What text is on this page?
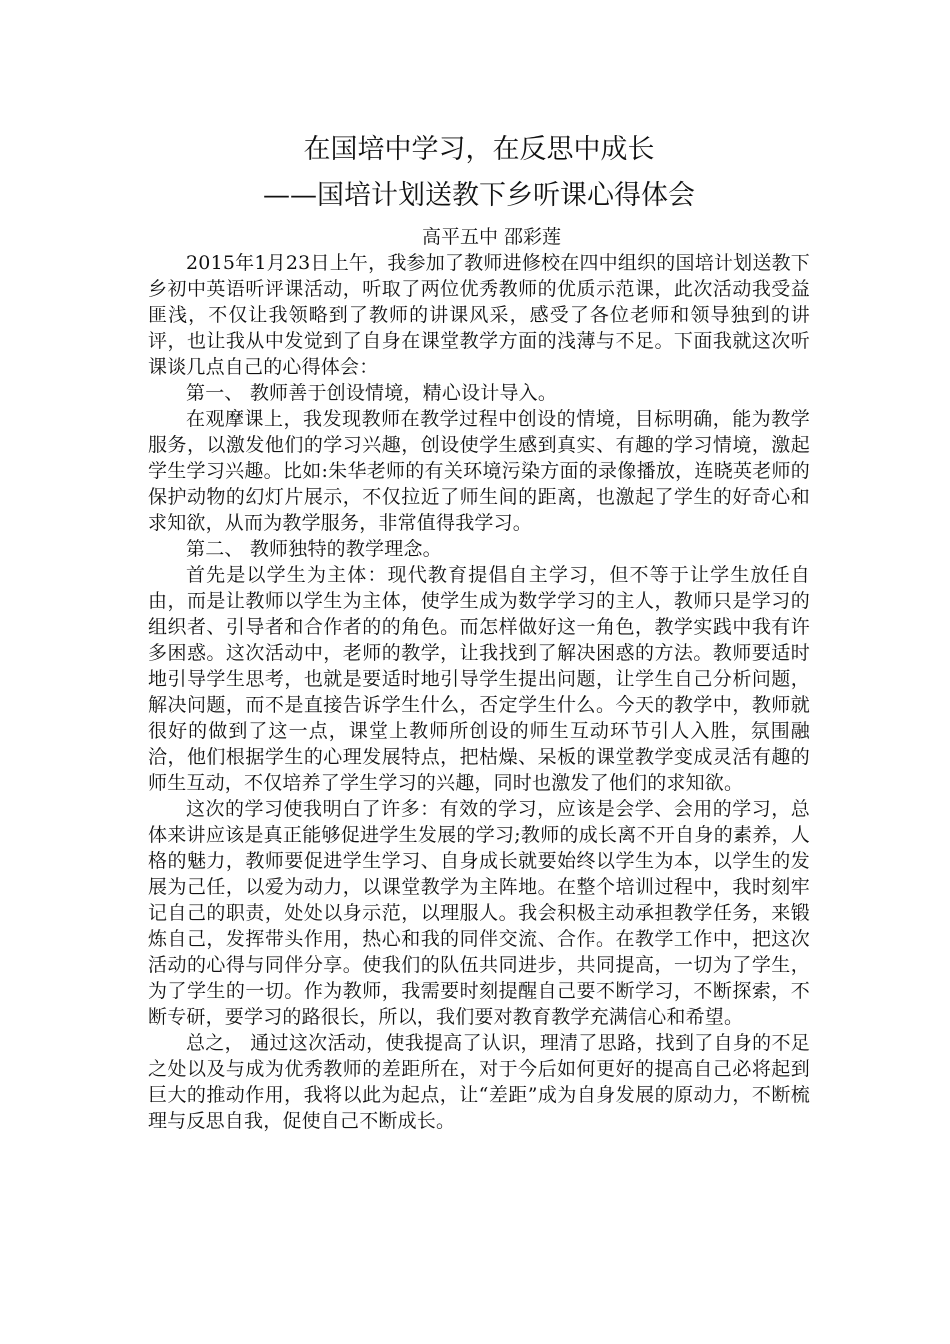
在国培中学习，在反思中成长
——国培计划送教下乡听课心得体会

高平五中 邵彩莲

2015年1月23日上午，我参加了教师进修校在四中组织的国培计划送教下乡初中英语听评课活动，听取了两位优秀教师的优质示范课，此次活动我受益匪浅，不仅让我领略到了教师的讲课风采，感受了各位老师和领导独到的讲评，也让我从中发觉到了自身在课堂教学方面的浅薄与不足。下面我就这次听课谈几点自己的心得体会：

第一、 教师善于创设情境，精心设计导入。

在观摩课上，我发现教师在教学过程中创设的情境，目标明确，能为教学服务，以激发他们的学习兴趣，创设使学生感到真实、有趣的学习情境，激起学生学习兴趣。比如:朱华老师的有关环境污染方面的录像播放，连晓英老师的保护动物的幻灯片展示，不仅拉近了师生间的距离，也激起了学生的好奇心和求知欲，从而为教学服务，非常值得我学习。

第二、 教师独特的教学理念。

首先是以学生为主体：现代教育提倡自主学习，但不等于让学生放任自由，而是让教师以学生为主体，使学生成为数学学习的主人，教师只是学习的组织者、引导者和合作者的的角色。而怎样做好这一角色，教学实践中我有许多困惑。这次活动中，老师的教学，让我找到了解决困惑的方法。教师要适时地引导学生思考，也就是要适时地引导学生提出问题，让学生自己分析问题，解决问题，而不是直接告诉学生什么，否定学生什么。今天的教学中，教师就很好的做到了这一点，课堂上教师所创设的师生互动环节引人入胜，氛围融洽，他们根据学生的心理发展特点，把枯燥、呆板的课堂教学变成灵活有趣的师生互动，不仅培养了学生学习的兴趣，同时也激发了他们的求知欲。

这次的学习使我明白了许多：有效的学习，应该是会学、会用的学习，总体来讲应该是真正能够促进学生发展的学习;教师的成长离不开自身的素养，人格的魅力，教师要促进学生学习、自身成长就要始终以学生为本，以学生的发展为己任，以爱为动力，以课堂教学为主阵地。在整个培训过程中，我时刻牢记自己的职责，处处以身示范，以理服人。我会积极主动承担教学任务，来锻炼自己，发挥带头作用，热心和我的同伴交流、合作。在教学工作中，把这次活动的心得与同伴分享。使我们的队伍共同进步，共同提高，一切为了学生，为了学生的一切。作为教师，我需要时刻提醒自己要不断学习，不断探索，不断专研，要学习的路很长，所以，我们要对教育教学充满信心和希望。

总之， 通过这次活动，使我提高了认识，理清了思路，找到了自身的不足之处以及与成为优秀教师的差距所在，对于今后如何更好的提高自己必将起到巨大的推动作用，我将以此为起点，让“差距”成为自身发展的原动力，不断梳理与反思自我，促使自己不断成长。
